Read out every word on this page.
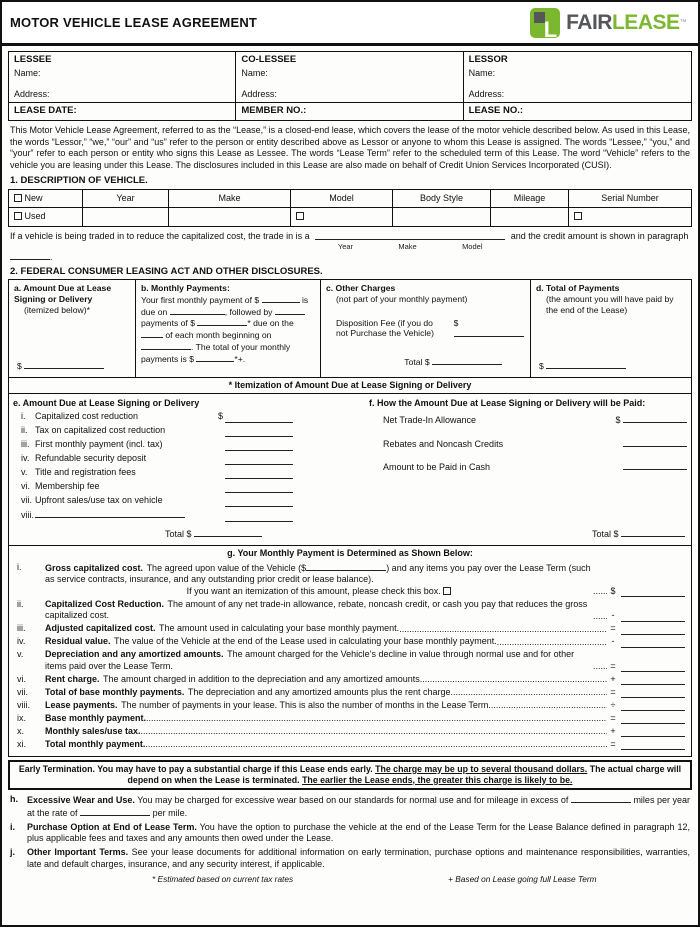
MOTOR VEHICLE LEASE AGREEMENT	L FAIRLEASE™
LESSEE
Name:
Address:
CO-LESSEE
Name:
Address:
LESSOR
Name:
Address:
LEASE DATE:	MEMBER NO.:	LEASE NO.:
This Motor Vehicle Lease Agreement, referred to as the “Lease,” is a closed-end lease, which covers the lease of the motor vehicle described below. As used in this Lease, the words “Lessor,” “we,” “our” and “us” refer to the person or entity described above as Lessor or anyone to whom this Lease is assigned. The words “Lessee,” “you,” and “your” refer to each person or entity who signs this Lease as Lessee. The words “Lease Term” refer to the scheduled term of this Lease. The word “Vehicle” refers to the vehicle you are leasing under this Lease. The disclosures included in this Lease are also made on behalf of Credit Union Services Incorporated (CUSI).
1. DESCRIPTION OF VEHICLE.
New	Year	Make	Model	Body Style	Mileage	Serial Number
Used
If a vehicle is being traded in to reduce the capitalized cost, the trade in is a
Year	Make	Model
and the credit amount is shown in paragraph .
2. FEDERAL CONSUMER LEASING ACT AND OTHER DISCLOSURES.
a. Amount Due at Lease Signing or Delivery
(itemized below)*
$
b. Monthly Payments:
Your first monthly payment of $	is due on	, followed by  payments of $	* due on the  of each month beginning on . The total of your monthly payments is $	*+.
c. Other Charges
(not part of your monthly payment)
Disposition Fee (if you do not Purchase the Vehicle)
$
Total $
d. Total of Payments
(the amount you will have paid by the end of the Lease)
$
* Itemization of Amount Due at Lease Signing or Delivery
e. Amount Due at Lease Signing or Delivery
i.	Capitalized cost reduction	$
ii. Tax on capitalized cost reduction
iii. First monthly payment (incl. tax)
iv. Refundable security deposit
v. Title and registration fees
vi. Membership fee
vii. Upfront sales/use tax on vehicle
viii.
Total $
f. How the Amount Due at Lease Signing or Delivery will be Paid:
Net Trade-In Allowance	$
Rebates and Noncash Credits
Amount to be Paid in Cash
Total $
g. Your Monthly Payment is Determined as Shown Below:
i.	Gross capitalized cost. The agreed upon value of the Vehicle ($	) and any items you pay over the Lease Term (such as service contracts, insurance, and any outstanding prior credit or lease balance).
If you want an itemization of this amount, please check this box. .....	$
ii.	Capitalized Cost Reduction. The amount of any net trade-in allowance, rebate, noncash credit, or cash you pay that reduces the gross capitalized cost. .....	-
iii.	Adjusted capitalized cost. The amount used in calculating your base monthly payment. .....	=
iv.	Residual value. The value of the Vehicle at the end of the Lease used in calculating your base monthly payment. .....	-
v.	Depreciation and any amortized amounts. The amount charged for the Vehicle’s decline in value through normal use and for other items paid over the Lease Term. .....	=
vi.	Rent charge. The amount charged in addition to the depreciation and any amortized amounts. .....	+
vii.	Total of base monthly payments. The depreciation and any amortized amounts plus the rent charge. .....	=
viii.	Lease payments. The number of payments in your lease. This is also the number of months in the Lease Term. .....	÷
ix.	Base monthly payment. .....	=
x.	Monthly sales/use tax. .....	+
xi.	Total monthly payment. .....	=
Early Termination. You may have to pay a substantial charge if this Lease ends early. The charge may be up to several thousand dollars. The actual charge will depend on when the Lease is terminated. The earlier the Lease ends, the greater this charge is likely to be.
h.	Excessive Wear and Use. You may be charged for excessive wear based on our standards for normal use and for mileage in excess of	miles per year at the rate of	per mile.
i.	Purchase Option at End of Lease Term. You have the option to purchase the vehicle at the end of the Lease Term for the Lease Balance defined in paragraph 12, plus applicable fees and taxes and any amounts then owed under the Lease.
j.	Other Important Terms. See your lease documents for additional information on early termination, purchase options and maintenance responsibilities, warranties, late and default charges, insurance, and any security interest, if applicable.
* Estimated based on current tax rates	+ Based on Lease going full Lease Term
